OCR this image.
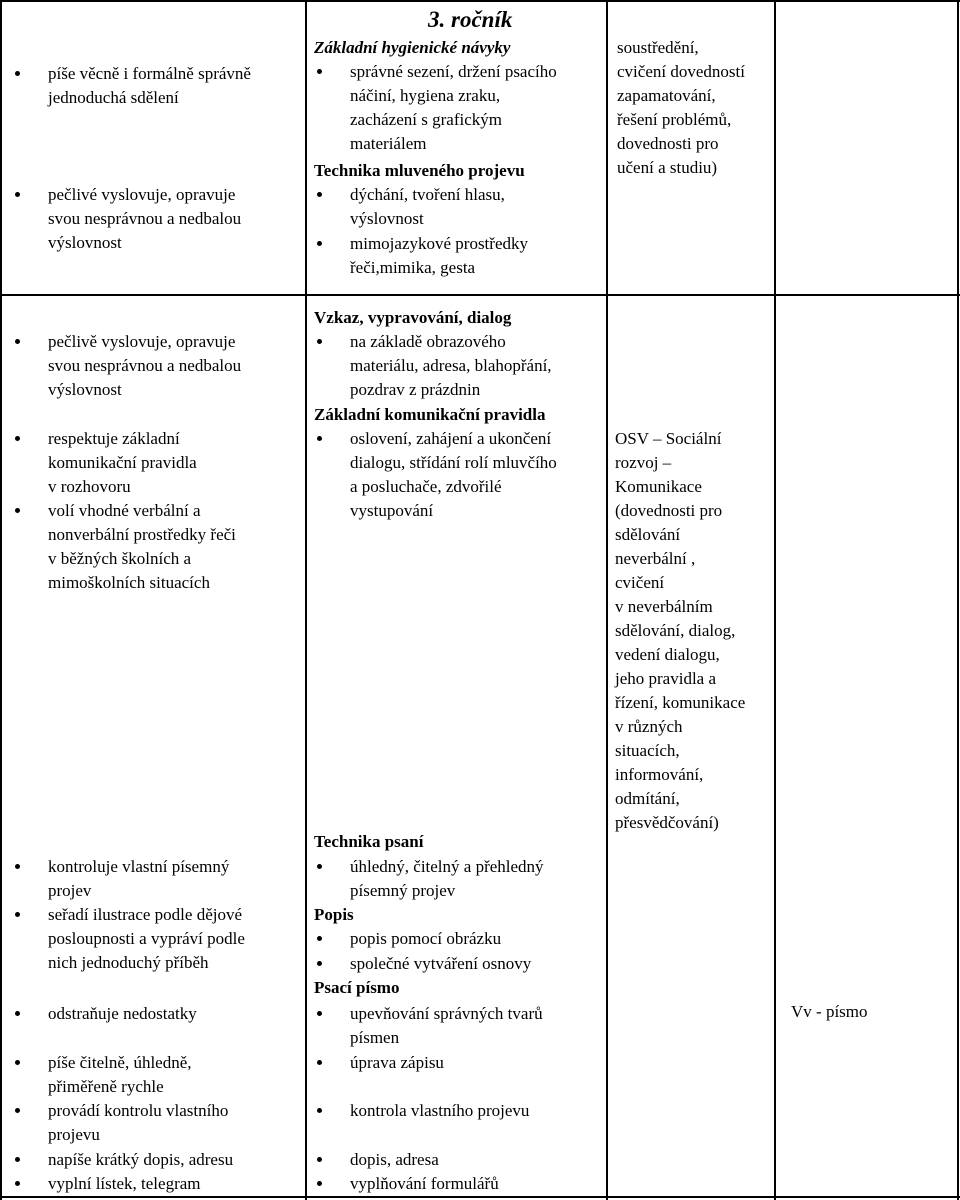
3. ročník
píše věcně i formálně správně
jednoduchá sdělení
pečlivé vyslovuje, opravuje
svou nesprávnou a nedbalou
výslovnost
Základní hygienické návyky
správné sezení, držení psacího
náčiní, hygiena zraku,
zacházení s grafickým
materiálem
Technika mluveného projevu
dýchání, tvoření hlasu,
výslovnost
mimojazykové prostředky
řeči,mimika, gesta
soustředění,
cvičení dovedností
zapamatování,
řešení problémů,
dovednosti pro
učení a studiu)
pečlivě vyslovuje, opravuje
svou nesprávnou a nedbalou
výslovnost
respektuje základní
komunikační pravidla
v rozhovoru
volí vhodné verbální a
nonverbální prostředky řeči
v běžných školních a
mimoškolních situacích
kontroluje vlastní písemný
projev
seřadí ilustrace podle dějové
posloupnosti a vypráví podle
nich jednoduchý příběh
odstraňuje nedostatky
píše čitelně, úhledně,
přiměřeně rychle
provádí kontrolu vlastního
projevu
napíše krátký dopis, adresu
vyplní lístek, telegram
Vzkaz, vypravování, dialog
na základě obrazového
materiálu, adresa, blahopřání,
pozdrav z prázdnin
Základní komunikační pravidla
oslovení, zahájení a ukončení
dialogu, střídání rolí mluvčího
a posluchače, zdvořilé
vystupování
Technika psaní
úhledný, čitelný a přehledný
písemný projev
Popis
popis pomocí obrázku
společné vytváření osnovy
Psací písmo
upevňování správných tvarů
písmen
úprava zápisu
kontrola vlastního projevu
dopis, adresa
vyplňování formulářů
OSV – Sociální
rozvoj –
Komunikace
(dovednosti pro
sdělování
neverbální ,
cvičení
v neverbálním
sdělování, dialog,
vedení dialogu,
jeho pravidla a
řízení, komunikace
v různých
situacích,
informování,
odmítání,
přesvědčování)
Vv - písmo
